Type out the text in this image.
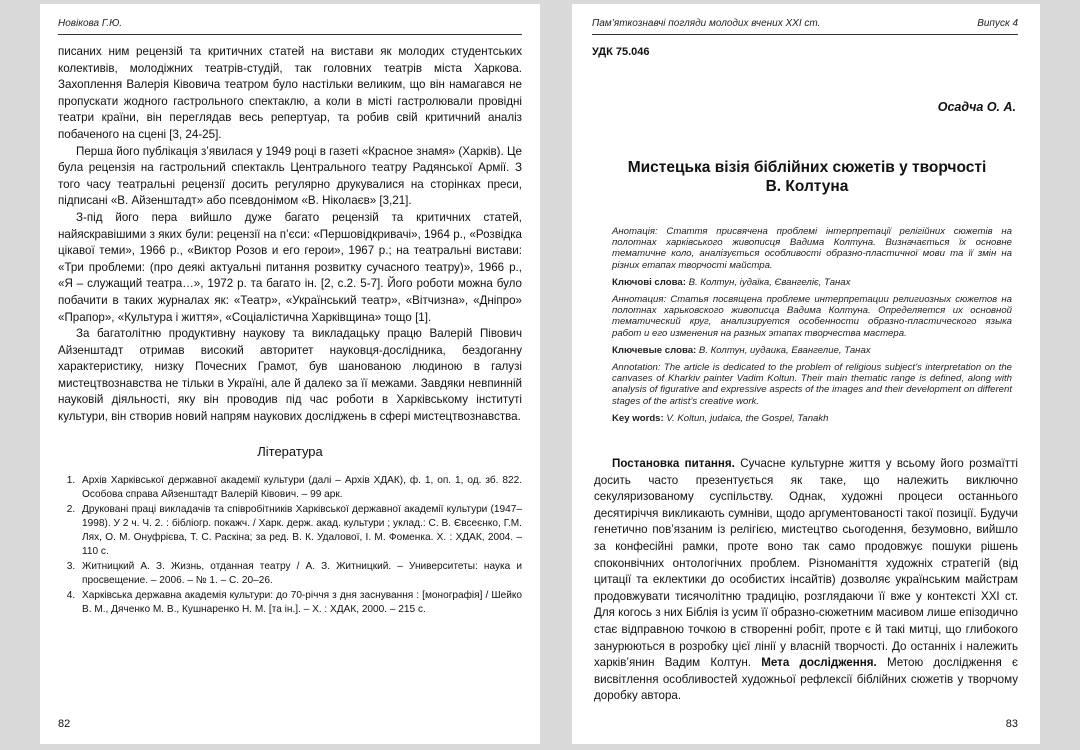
Новікова Г.Ю.

писаних ним рецензій та критичних статей на вистави як молодих студентських колективів, молодіжних театрів-студій, так головних театрів міста Харкова. Захоплення Валерія Ківовича театром було настільки великим, що він намагався не пропускати жодного гастрольного спектаклю, а коли в місті гастролювали провідні театри країни, він переглядав весь репертуар, та робив свій критичний аналіз побаченого на сцені [3, 24-25].

Перша його публікація з’явилася у 1949 році в газеті «Красное знамя» (Харків). Це була рецензія на гастрольний спектакль Центрального театру Радянської Армії. З того часу театральні рецензії досить регулярно друкувалися на сторінках преси, підписані «В. Айзенштадт» або псевдонімом «В. Ніколаєв» [3,21].

З-під його пера вийшло дуже багато рецензій та критичних статей, найяскравішими з яких були: рецензії на п’єси: «Першовідкривачі», 1964 р., «Розвідка цікавої теми», 1966 р., «Виктор Розов и его герои», 1967 р.; на театральні вистави: «Три проблеми: (про деякі актуальні питання розвитку сучасного театру)», 1966 р., «Я – служащий театра…», 1972 р. та багато ін. [2, с.2. 5-7]. Його роботи можна було побачити в таких журналах як: «Театр», «Український театр», «Вітчизна», «Дніпро» «Прапор», «Культура і життя», «Соціалістична Харківщина» тощо [1].

За багатолітню продуктивну наукову та викладацьку працю Валерій Півович Айзенштадт отримав високий авторитет науковця-дослідника, бездоганну характеристику, низку Почесних Грамот, був шанованою людиною в галузі мистецтвознавства не тільки в Україні, але й далеко за її межами. Завдяки невпинній науковій діяльності, яку він проводив під час роботи в Харківському інституті культури, він створив новий напрям наукових досліджень в сфері мистецтвознавства.

Література
1. Архів Харківської державної академії культури (далі – Архів ХДАК), ф. 1, оп. 1, од. зб. 822. Особова справа Айзенштадт Валерій Ківович. – 99 арк.
2. Друковані праці викладачів та співробітників Харківської державної академії культури (1947–1998). У 2 ч. Ч. 2. : бібліогр. покажч. / Харк. держ. акад. культури ; уклад.: С. В. Євсеєнко, Г.М. Лях, О. М. Онуфрієва, Т. С. Раскіна; за ред. В. К. Удалової, І. М. Фоменка. Х. : ХДАК, 2004. – 110 с.
3. Житницкий А. З. Жизнь, отданная театру / А. З. Житницкий. – Университеты: наука и просвещение. – 2006. – № 1. – С. 20–26.
4. Харківська державна академія культури: до 70-річчя з дня заснування : [монографія] / Шейко В. М., Дяченко М. В., Кушнаренко Н. М. [та ін.]. – Х. : ХДАК, 2000. – 215 с.
82
Пам’яткознавчі погляди молодих вчених ХХІ ст.	Випуск 4
УДК 75.046
Осадча О. А.
Мистецька візія біблійних сюжетів у творчості
В. Колтуна

Анотація: Стаття присвячена проблемі інтерпретації релігійних сюжетів на полотнах харківського живописця Вадима Колтуна. Визначається їх основне тематичне коло, аналізується особливості образно-пластичної мови та її змін на різних етапах творчості майстра.

Ключові слова: В. Колтун, іудаїка, Євангеліє, Танах

Аннотация: Статья посвящена проблеме интерпретации религиозных сюжетов на полотнах харьковского живописца Вадима Колтуна. Определяется их основной тематический круг, анализируется особенности образно-пластического языка работ и его изменения на разных этапах творчества мастера.

Ключевые слова: В. Колтун, иудаика, Евангелие, Танах

Annotation: The article is dedicated to the problem of religious subject’s interpretation on the canvases of Kharkiv painter Vadim Koltun. Their main thematic range is defined, along with analysis of figurative and expressive aspects of the images and their development on different stages of the artist’s creative work.

Key words: V. Koltun, judaica, the Gospel, Tanakh

Постановка питання. Сучасне культурне життя у всьому його розмаїтті досить часто презентується як таке, що належить виключно секуляризованому суспільству. Однак, художні процеси останнього десятиріччя викликають сумніви, щодо аргументованості такої позиції. Будучи генетично пов’язаним із релігією, мистецтво сьогодення, безумовно, вийшло за конфесійні рамки, проте воно так само продовжує пошуки рішень споконвічних онтологічних проблем. Різноманіття художніх стратегій (від цитації та еклектики до особистих інсайтів) дозволяє українським майстрам продовжувати тисячолітню традицію, розглядаючи її вже у контексті ХХІ ст. Для когось з них Біблія із усим її образно-сюжетним масивом лише епізодично стає відправною точкою в створенні робіт, проте є й такі митці, що глибокого занурюються в розробку цієї лінії у власній творчості. До останніх і належить харків’янин Вадим Колтун. Мета дослідження. Метою дослідження є висвітлення особливостей художньої рефлексії біблійних сюжетів у творчому доробку автора.

83
